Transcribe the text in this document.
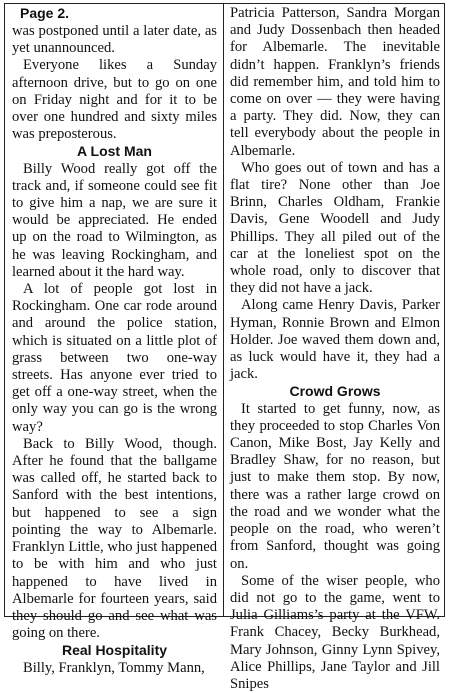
Page 2.

was postponed until a later date, as yet unannounced.

Everyone likes a Sunday afternoon drive, but to go on one on Friday night and for it to be over one hundred and sixty miles was preposterous.

A Lost Man

Billy Wood really got off the track and, if someone could see fit to give him a nap, we are sure it would be appreciated. He ended up on the road to Wilmington, as he was leaving Rockingham, and learned about it the hard way.

A lot of people got lost in Rockingham. One car rode around and around the police station, which is situated on a little plot of grass between two one-way streets. Has anyone ever tried to get off a one-way street, when the only way you can go is the wrong way?

Back to Billy Wood, though. After he found that the ballgame was called off, he started back to Sanford with the best intentions, but happened to see a sign pointing the way to Albemarle. Franklyn Little, who just happened to be with him and who just happened to have lived in Albemarle for fourteen years, said they should go and see what was going on there.

Real Hospitality

Billy, Franklyn, Tommy Mann,

Patricia Patterson, Sandra Morgan and Judy Dossenbach then headed for Albemarle. The inevitable didn’t happen. Franklyn’s friends did remember him, and told him to come on over — they were having a party. They did. Now, they can tell everybody about the people in Albemarle.

Who goes out of town and has a flat tire? None other than Joe Brinn, Charles Oldham, Frankie Davis, Gene Woodell and Judy Phillips. They all piled out of the car at the loneliest spot on the whole road, only to discover that they did not have a jack.

Along came Henry Davis, Parker Hyman, Ronnie Brown and Elmon Holder. Joe waved them down and, as luck would have it, they had a jack.

Crowd Grows

It started to get funny, now, as they proceeded to stop Charles Von Canon, Mike Bost, Jay Kelly and Bradley Shaw, for no reason, but just to make them stop. By now, there was a rather large crowd on the road and we wonder what the people on the road, who weren’t from Sanford, thought was going on.

Some of the wiser people, who did not go to the game, went to Julia Gilliams’s party at the VFW. Frank Chacey, Becky Burkhead, Mary Johnson, Ginny Lynn Spivey, Alice Phillips, Jane Taylor and Jill Snipes
